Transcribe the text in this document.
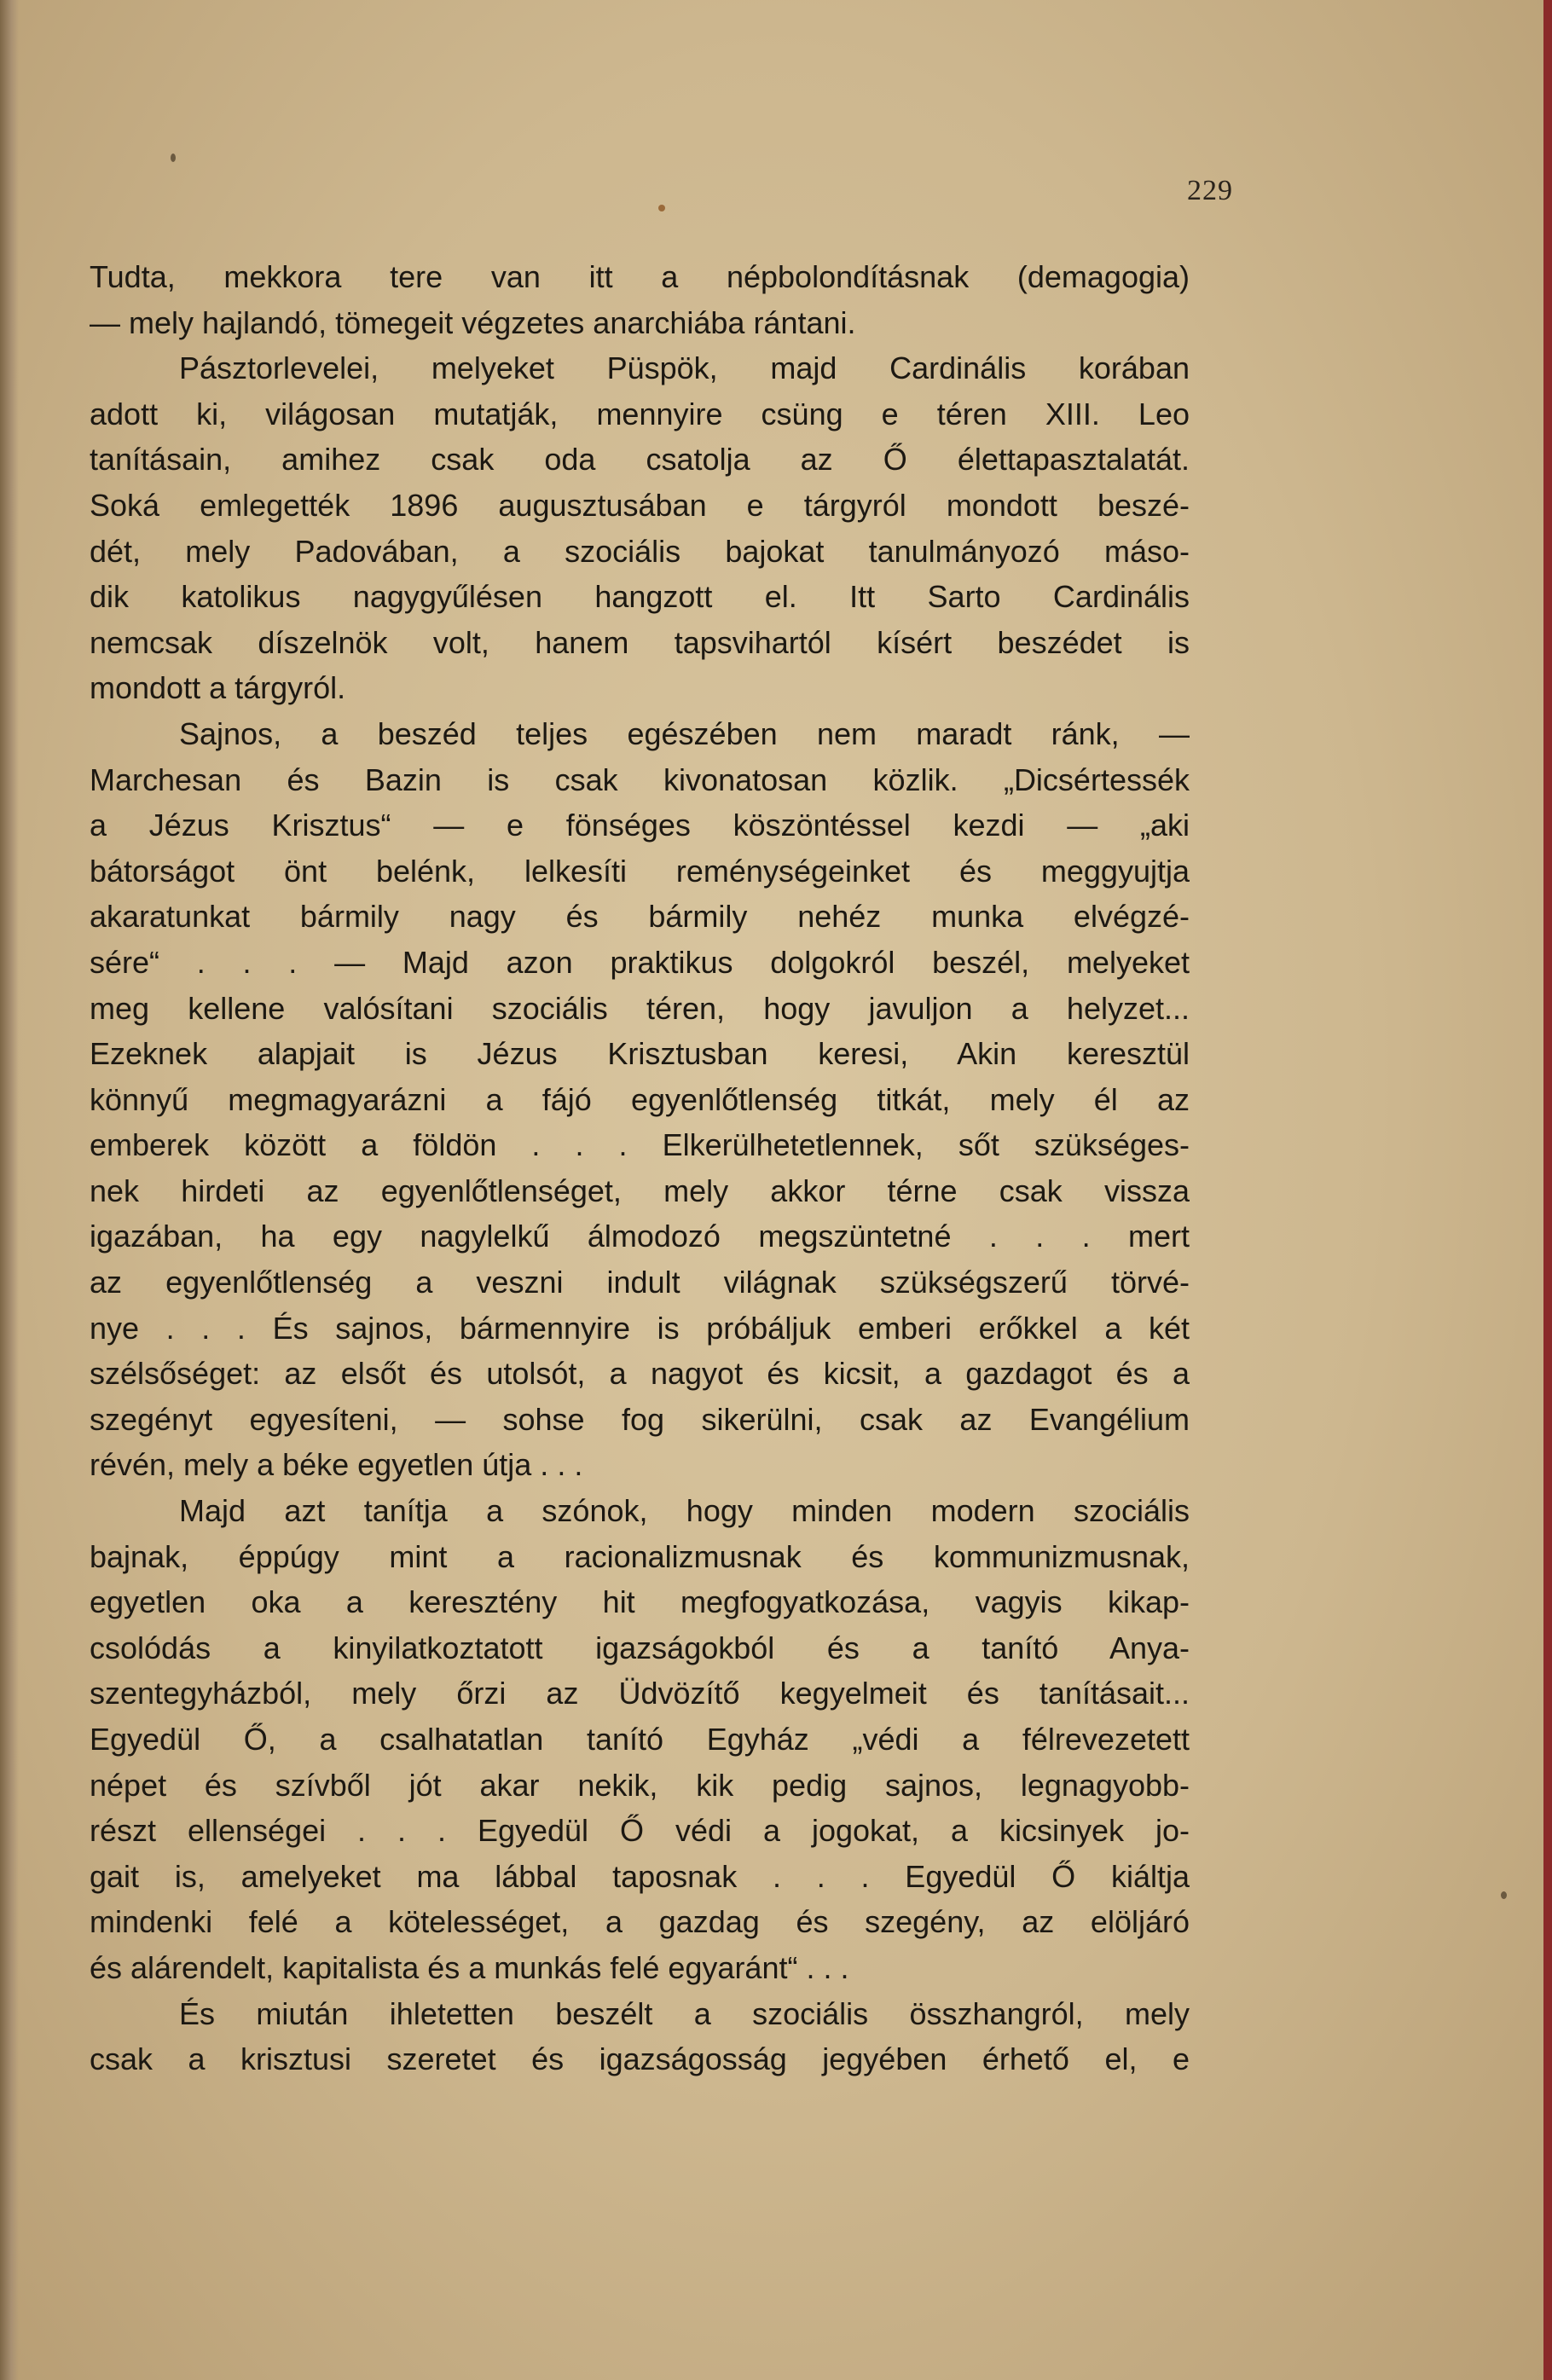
229
Tudta, mekkora tere van itt a népbolondításnak (demagogia)
— mely hajlandó, tömegeit végzetes anarchiába rántani.
Pásztorlevelei, melyeket Püspök, majd Cardinális korában
adott ki, világosan mutatják, mennyire csüng e téren XIII. Leo
tanításain, amihez csak oda csatolja az Ő élettapasztalatát.
Soká emlegették 1896 augusztusában e tárgyról mondott beszé-
dét, mely Padovában, a szociális bajokat tanulmányozó máso-
dik katolikus nagygyűlésen hangzott el. Itt Sarto Cardinális
nemcsak díszelnök volt, hanem tapsvihartól kísért beszédet is
mondott a tárgyról.
Sajnos, a beszéd teljes egészében nem maradt ránk, —
Marchesan és Bazin is csak kivonatosan közlik. „Dicsértessék
a Jézus Krisztus“ — e fönséges köszöntéssel kezdi — „aki
bátorságot önt belénk, lelkesíti reménységeinket és meggyujtja
akaratunkat bármily nagy és bármily nehéz munka elvégzé-
sére“ . . . — Majd azon praktikus dolgokról beszél, melyeket
meg kellene valósítani szociális téren, hogy javuljon a helyzet...
Ezeknek alapjait is Jézus Krisztusban keresi, Akin keresztül
könnyű megmagyarázni a fájó egyenlőtlenség titkát, mely él az
emberek között a földön . . . Elkerülhetetlennek, sőt szükséges-
nek hirdeti az egyenlőtlenséget, mely akkor térne csak vissza
igazában, ha egy nagylelkű álmodozó megszüntetné . . . mert
az egyenlőtlenség a veszni indult világnak szükségszerű törvé-
nye . . . És sajnos, bármennyire is próbáljuk emberi erőkkel a két
szélsőséget: az elsőt és utolsót, a nagyot és kicsit, a gazdagot és a
szegényt egyesíteni, — sohse fog sikerülni, csak az Evangélium
révén, mely a béke egyetlen útja . . .
Majd azt tanítja a szónok, hogy minden modern szociális
bajnak, éppúgy mint a racionalizmusnak és kommunizmusnak,
egyetlen oka a keresztény hit megfogyatkozása, vagyis kikap-
csolódás a kinyilatkoztatott igazságokból és a tanító Anya-
szentegyházból, mely őrzi az Üdvözítő kegyelmeit és tanításait...
Egyedül Ő, a csalhatatlan tanító Egyház „védi a félrevezetett
népet és szívből jót akar nekik, kik pedig sajnos, legnagyobb-
részt ellenségei . . . Egyedül Ő védi a jogokat, a kicsinyek jo-
gait is, amelyeket ma lábbal taposnak . . . Egyedül Ő kiáltja
mindenki felé a kötelességet, a gazdag és szegény, az elöljáró
és alárendelt, kapitalista és a munkás felé egyaránt“ . . .
És miután ihletetten beszélt a szociális összhangról, mely
csak a krisztusi szeretet és igazságosság jegyében érhető el, e
